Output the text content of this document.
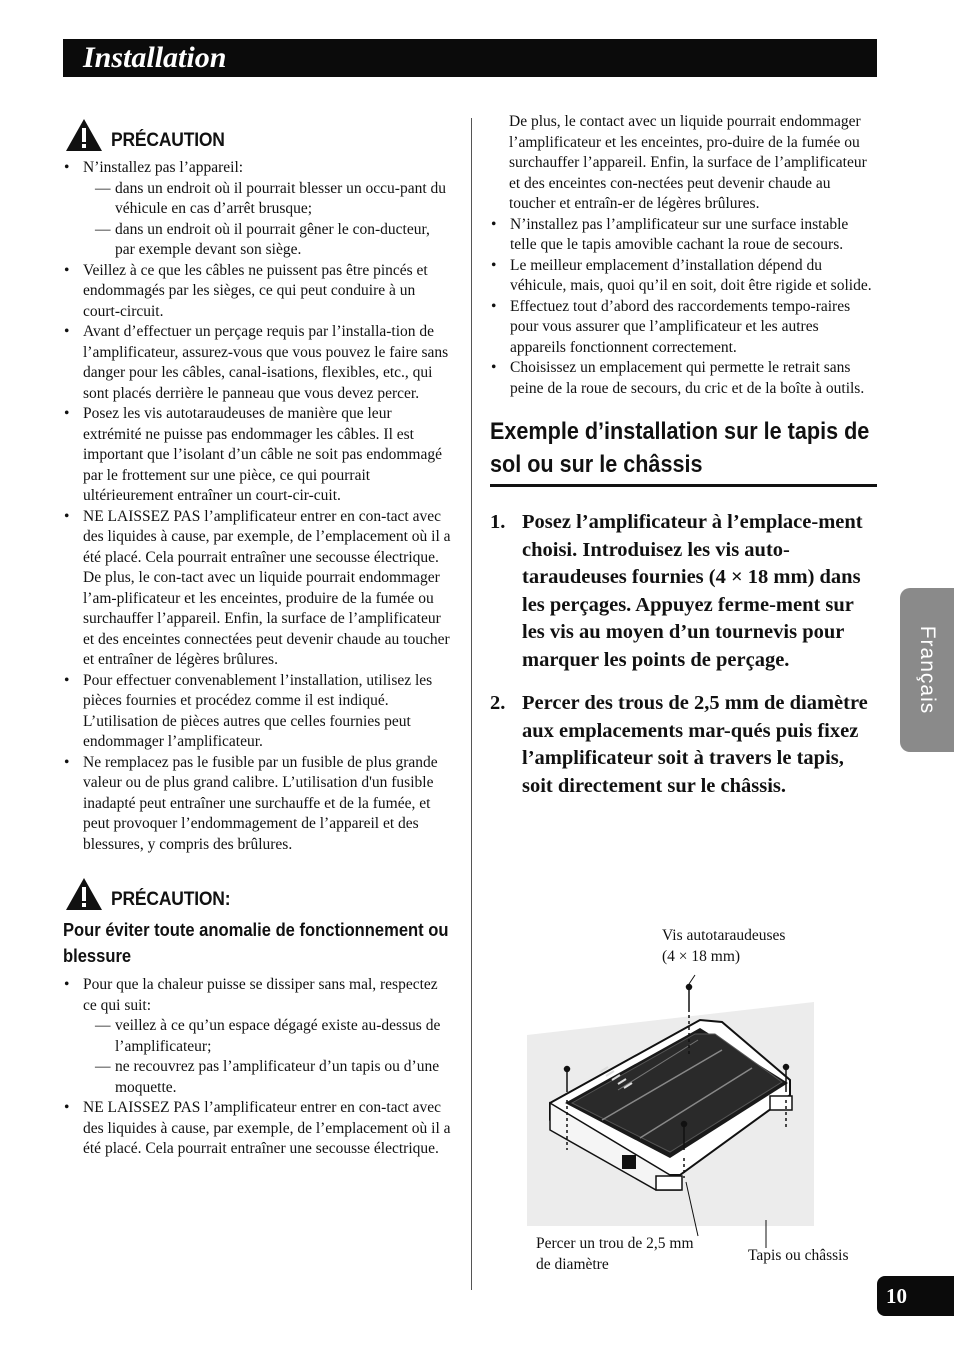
Installation
PRÉCAUTION
• N’installez pas l’appareil:
— dans un endroit où il pourrait blesser un occu-pant du véhicule en cas d’arrêt brusque;
— dans un endroit où il pourrait gêner le con-ducteur, par exemple devant son siège.
• Veillez à ce que les câbles ne puissent pas être pincés et endommagés par les sièges, ce qui peut conduire à un court-circuit.
• Avant d’effectuer un perçage requis par l’installa-tion de l’amplificateur, assurez-vous que vous pouvez le faire sans danger pour les câbles, canal-isations, flexibles, etc., qui sont placés derrière le panneau que vous devez percer.
• Posez les vis autotaraudeuses de manière que leur extrémité ne puisse pas endommager les câbles. Il est important que l’isolant d’un câble ne soit pas endommagé par le frottement sur une pièce, ce qui pourrait ultérieurement entraîner un court-cir-cuit.
• NE LAISSEZ PAS l’amplificateur entrer en con-tact avec des liquides à cause, par exemple, de l’emplacement où il a été placé. Cela pourrait entraîner une secousse électrique. De plus, le con-tact avec un liquide pourrait endommager l’am-plificateur et les enceintes, produire de la fumée ou surchauffer l’appareil. Enfin, la surface de l’amplificateur et des enceintes connectées peut devenir chaude au toucher et entraîner de légères brûlures.
• Pour effectuer convenablement l’installation, utilisez les pièces fournies et procédez comme il est indiqué. L’utilisation de pièces autres que celles fournies peut endommager l’amplificateur.
• Ne remplacez pas le fusible par un fusible de plus grande valeur ou de plus grand calibre. L’utilisation d'un fusible inadapté peut entraîner une surchauffe et de la fumée, et peut provoquer l’endommagement de l’appareil et des blessures, y compris des brûlures.
PRÉCAUTION:
Pour éviter toute anomalie de fonctionnement ou blessure
• Pour que la chaleur puisse se dissiper sans mal, respectez ce qui suit:
— veillez à ce qu’un espace dégagé existe au-dessus de l’amplificateur;
— ne recouvrez pas l’amplificateur d’un tapis ou d’une moquette.
• NE LAISSEZ PAS l’amplificateur entrer en con-tact avec des liquides à cause, par exemple, de l’emplacement où il a été placé. Cela pourrait entraîner une secousse électrique.
De plus, le contact avec un liquide pourrait endommager l’amplificateur et les enceintes, pro-duire de la fumée ou surchauffer l’appareil. Enfin, la surface de l’amplificateur et des enceintes con-nectées peut devenir chaude au toucher et entraîn-er de légères brûlures.
• N’installez pas l’amplificateur sur une surface instable telle que le tapis amovible cachant la roue de secours.
• Le meilleur emplacement d’installation dépend du véhicule, mais, quoi qu’il en soit, doit être rigide et solide.
• Effectuez tout d’abord des raccordements tempo-raires pour vous assurer que l’amplificateur et les autres appareils fonctionnent correctement.
• Choisissez un emplacement qui permette le retrait sans peine de la roue de secours, du cric et de la boîte à outils.
Exemple d’installation sur le tapis de sol ou sur le châssis
1. Posez l’amplificateur à l’emplace-ment choisi. Introduisez les vis auto-taraudeuses fournies (4 × 18 mm) dans les perçages. Appuyez ferme-ment sur les vis au moyen d’un tournevis pour marquer les points de perçage.
2. Percer des trous de 2,5 mm de diamètre aux emplacements mar-qués puis fixez l’amplificateur soit à travers le tapis, soit directement sur le châssis.
Vis autotaraudeuses
(4 × 18 mm)
Percer un trou de 2,5 mm
de diamètre
Tapis ou châssis
Français
10
